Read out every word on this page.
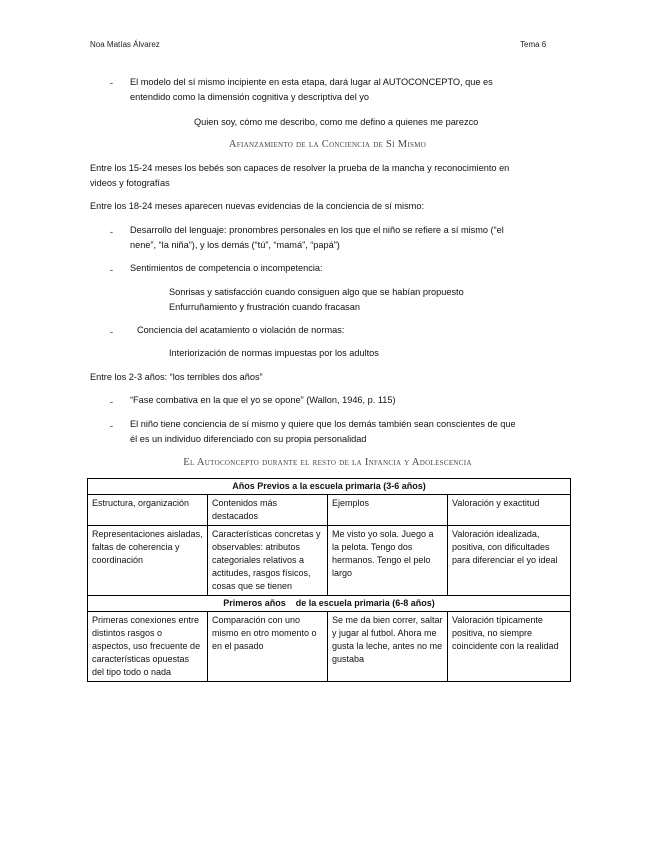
Noa Matías Álvarez	Tema 6
- El modelo del sí mismo incipiente en esta etapa, dará lugar al AUTOCONCEPTO, que es
entendido como la dimensión cognitiva y descriptiva del yo
Quien soy, cómo me describo, como me defino a quienes me parezco
Afianzamiento de la Conciencia de Sí Mismo
Entre los 15-24 meses los bebés son capaces de resolver la prueba de la mancha y reconocimiento en
videos y fotografías
Entre los 18-24 meses aparecen nuevas evidencias de la conciencia de sí mismo:
- Desarrollo del lenguaje: pronombres personales en los que el niño se refiere a sí mismo (“el
nene”, “la niña”), y los demás (“tú”, “mamá”, “papá”)
- Sentimientos de competencia o incompetencia:
Sonrisas y satisfacción cuando consiguen algo que se habían propuesto
Enfurruñamiento y frustración cuando fracasan
-	Conciencia del acatamiento o violación de normas:
Interiorización de normas impuestas por los adultos
Entre los 2-3 años: “los terribles dos años”
- “Fase combativa en la que el yo se opone” (Wallon, 1946, p. 115)
- El niño tiene conciencia de sí mismo y quiere que los demás también sean conscientes de que
él es un individuo diferenciado con su propia personalidad
El Autoconcepto durante el resto de la Infancia y Adolescencia
Años Previos a la escuela primaria (3-6 años)			
Estructura, organización	Contenidos más destacados	Ejemplos	Valoración y exactitud
Representaciones aisladas, faltas de coherencia y coordinación	Características concretas y observables: atributos categoriales relativos a actitudes, rasgos físicos, cosas que se tienen	Me visto yo sola. Juego a la pelota. Tengo dos hermanos. Tengo el pelo largo	Valoración idealizada, positiva, con dificultades para diferenciar el yo ideal
Primeros años    de la escuela primaria (6-8 años)			
Primeras conexiones entre distintos rasgos o aspectos, uso frecuente de características opuestas del tipo todo o nada	Comparación con uno mismo en otro momento o en el pasado	Se me da bien correr, saltar y jugar al futbol. Ahora me gusta la leche, antes no me gustaba	Valoración típicamente positiva, no siempre coincidente con la realidad
